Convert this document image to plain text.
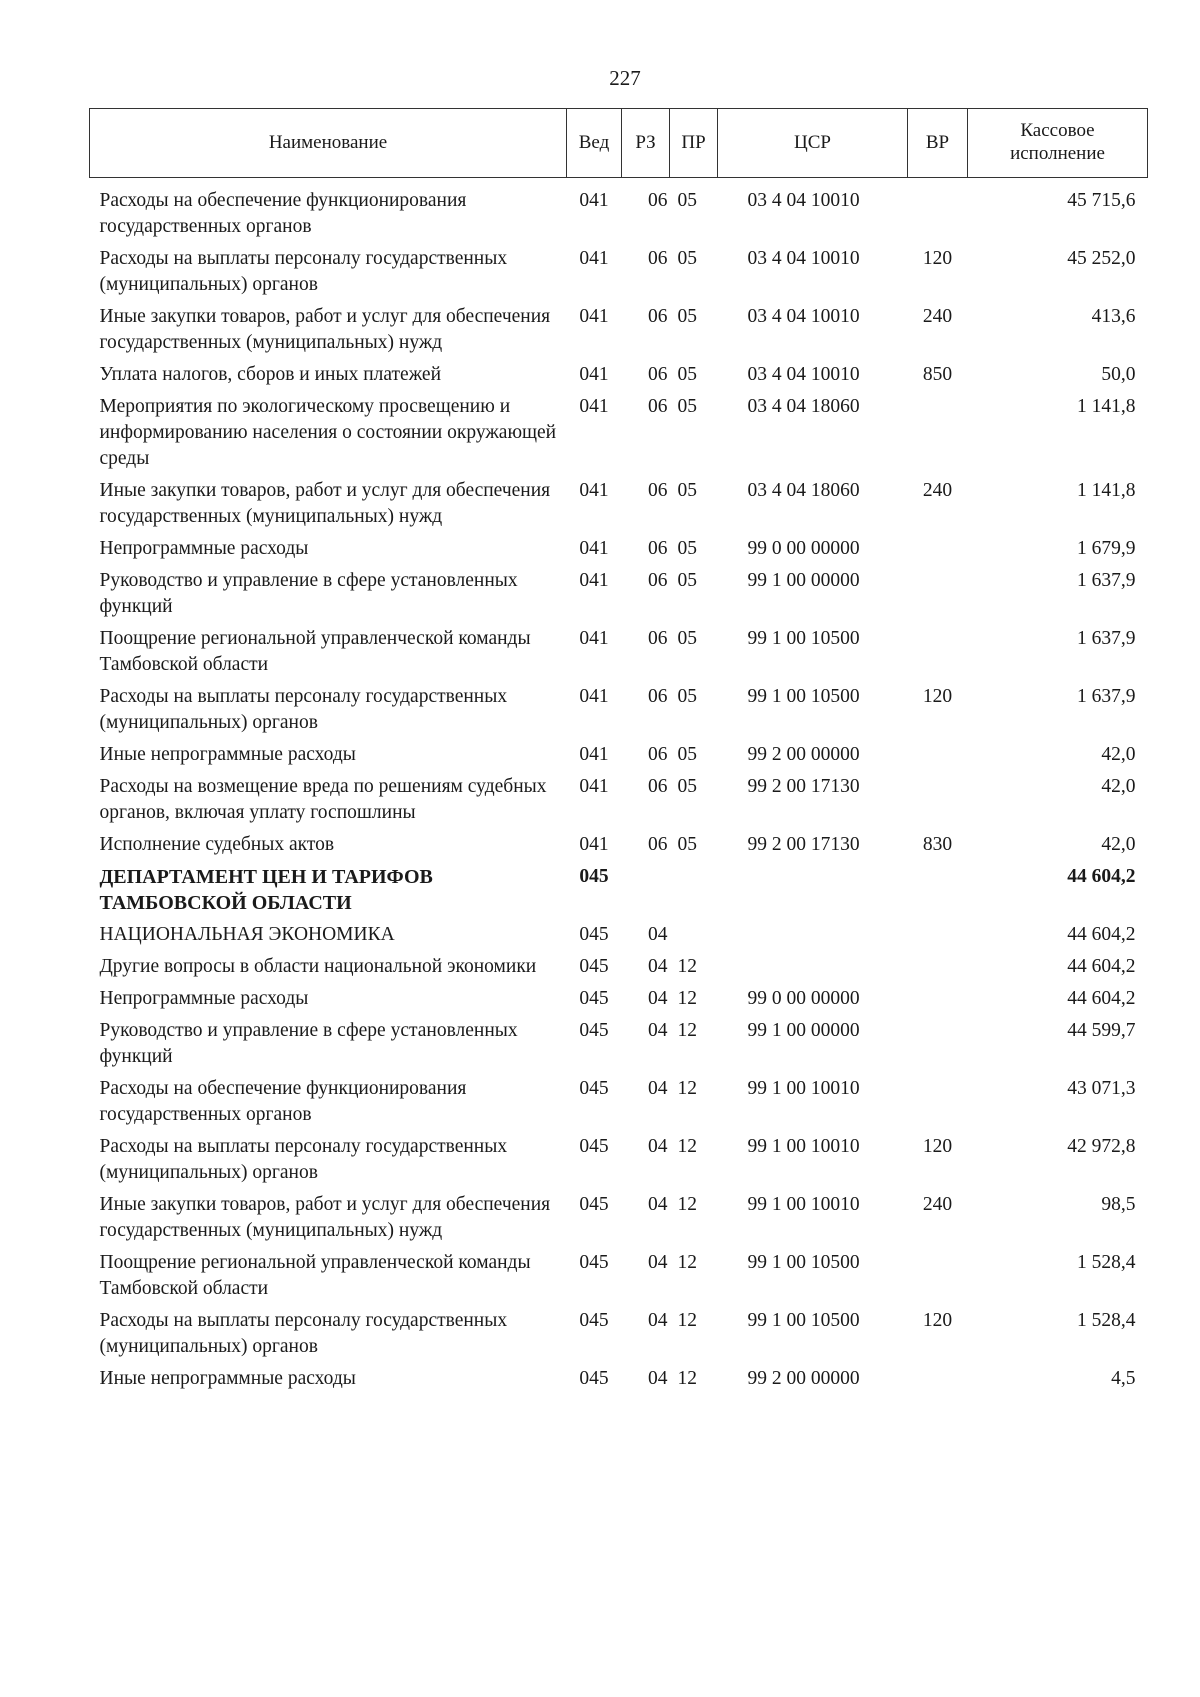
227
Наименование	Вед	РЗ	ПР	ЦСР	ВР	Кассовое исполнение
Расходы на обеспечение функционирования государственных органов	041	06	05	03 4 04 10010		45 715,6
Расходы на выплаты персоналу государственных (муниципальных) органов	041	06	05	03 4 04 10010	120	45 252,0
Иные закупки товаров, работ и услуг для обеспечения государственных (муниципальных) нужд	041	06	05	03 4 04 10010	240	413,6
Уплата налогов, сборов и иных платежей	041	06	05	03 4 04 10010	850	50,0
Мероприятия по экологическому просвещению и информированию населения о состоянии окружающей среды	041	06	05	03 4 04 18060		1 141,8
Иные закупки товаров, работ и услуг для обеспечения государственных (муниципальных) нужд	041	06	05	03 4 04 18060	240	1 141,8
Непрограммные расходы	041	06	05	99 0 00 00000		1 679,9
Руководство и управление в сфере установленных функций	041	06	05	99 1 00 00000		1 637,9
Поощрение региональной управленческой команды Тамбовской области	041	06	05	99 1 00 10500		1 637,9
Расходы на выплаты персоналу государственных (муниципальных) органов	041	06	05	99 1 00 10500	120	1 637,9
Иные непрограммные расходы	041	06	05	99 2 00 00000		42,0
Расходы на возмещение вреда по решениям судебных органов, включая уплату госпошлины	041	06	05	99 2 00 17130		42,0
Исполнение судебных актов	041	06	05	99 2 00 17130	830	42,0
ДЕПАРТАМЕНТ ЦЕН И ТАРИФОВ ТАМБОВСКОЙ ОБЛАСТИ	045					44 604,2
НАЦИОНАЛЬНАЯ ЭКОНОМИКА	045	04				44 604,2
Другие вопросы в области национальной экономики	045	04	12			44 604,2
Непрограммные расходы	045	04	12	99 0 00 00000		44 604,2
Руководство и управление в сфере установленных функций	045	04	12	99 1 00 00000		44 599,7
Расходы на обеспечение функционирования государственных органов	045	04	12	99 1 00 10010		43 071,3
Расходы на выплаты персоналу государственных (муниципальных) органов	045	04	12	99 1 00 10010	120	42 972,8
Иные закупки товаров, работ и услуг для обеспечения государственных (муниципальных) нужд	045	04	12	99 1 00 10010	240	98,5
Поощрение региональной управленческой команды Тамбовской области	045	04	12	99 1 00 10500		1 528,4
Расходы на выплаты персоналу государственных (муниципальных) органов	045	04	12	99 1 00 10500	120	1 528,4
Иные непрограммные расходы	045	04	12	99 2 00 00000		4,5
